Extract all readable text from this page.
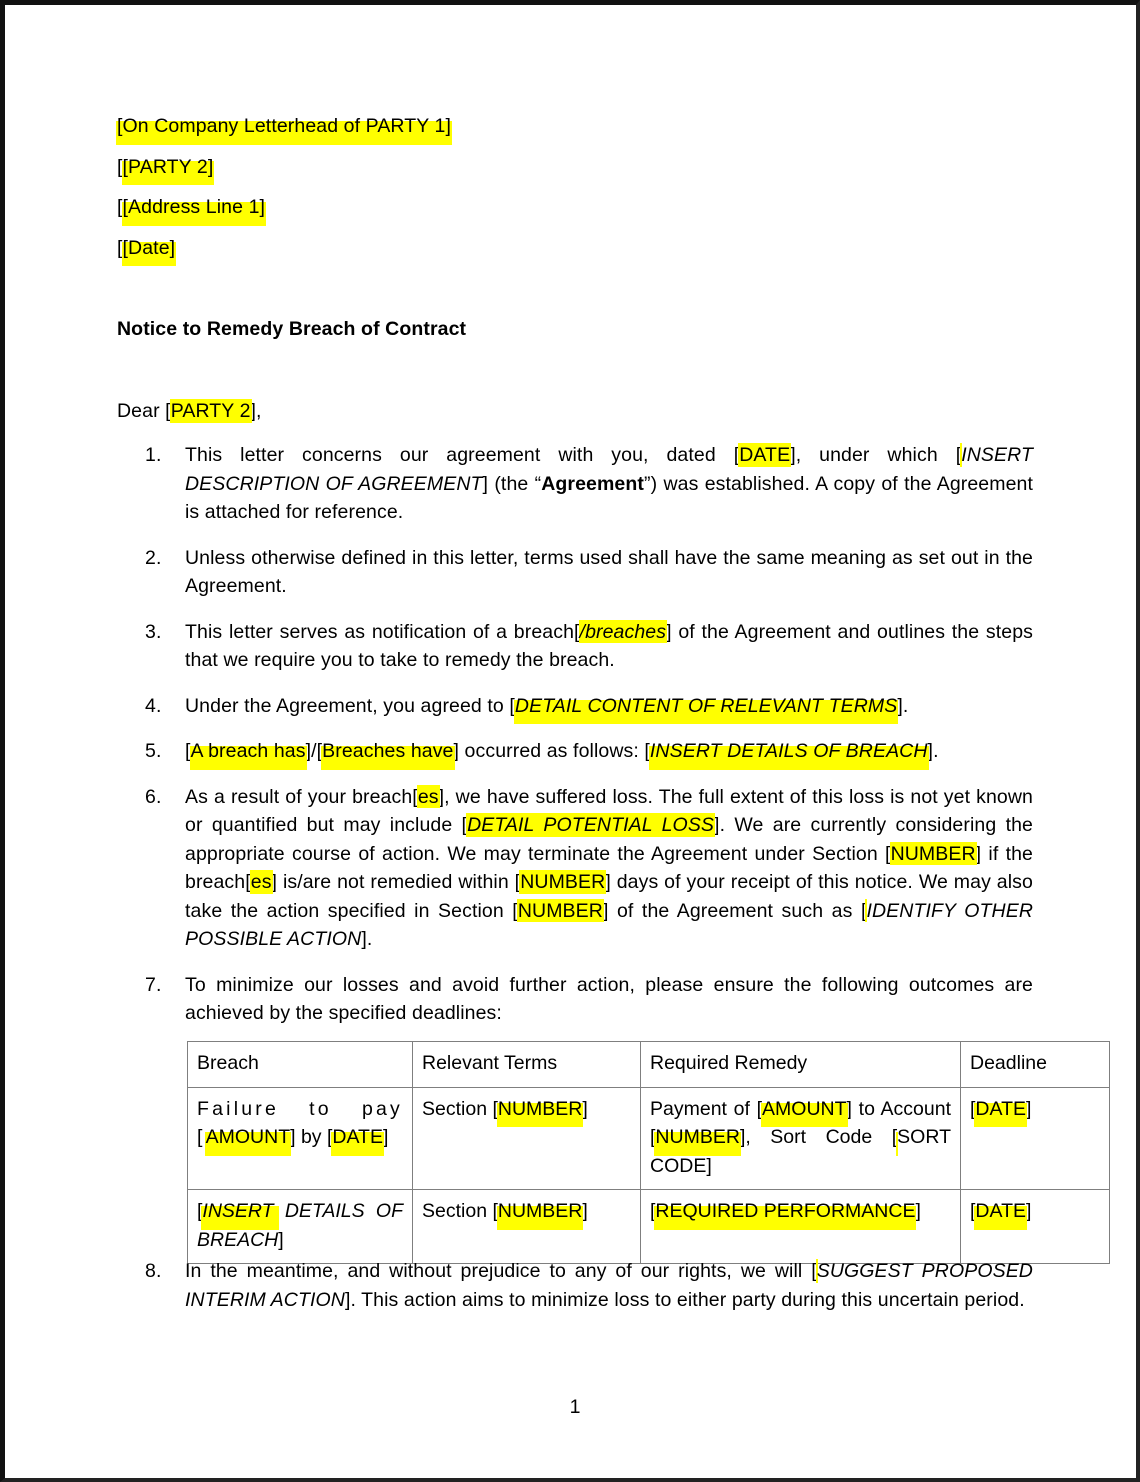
[On Company Letterhead of PARTY 1]
[[PARTY 2]
[[Address Line 1]
[[Date]
Notice to Remedy Breach of Contract
Dear [PARTY 2],
1.	This letter concerns our agreement with you, dated [DATE], under which [INSERT DESCRIPTION OF AGREEMENT] (the “Agreement”) was established. A copy of the Agreement is attached for reference.
2.	Unless otherwise defined in this letter, terms used shall have the same meaning as set out in the Agreement.
3.	This letter serves as notification of a breach[/breaches] of the Agreement and outlines the steps that we require you to take to remedy the breach.
4.	Under the Agreement, you agreed to [DETAIL CONTENT OF RELEVANT TERMS].
5.	[A breach has]/[Breaches have] occurred as follows: [INSERT DETAILS OF BREACH].
6.	As a result of your breach[es], we have suffered loss. The full extent of this loss is not yet known or quantified but may include [DETAIL POTENTIAL LOSS]. We are currently considering the appropriate course of action. We may terminate the Agreement under Section [NUMBER] if the breach[es] is/are not remedied within [NUMBER] days of your receipt of this notice. We may also take the action specified in Section [NUMBER] of the Agreement such as [IDENTIFY OTHER POSSIBLE ACTION].
7.	To minimize our losses and avoid further action, please ensure the following outcomes are achieved by the specified deadlines:
Breach	Relevant Terms	Required Remedy	Deadline
Failure to pay [AMOUNT] by [DATE]	Section [NUMBER]	Payment of [AMOUNT] to Account [NUMBER], Sort Code [SORT CODE]	[DATE]
[INSERT DETAILS OF BREACH]	Section [NUMBER]	[REQUIRED PERFORMANCE]	[DATE]
8.	In the meantime, and without prejudice to any of our rights, we will [SUGGEST PROPOSED INTERIM ACTION]. This action aims to minimize loss to either party during this uncertain period.
1
